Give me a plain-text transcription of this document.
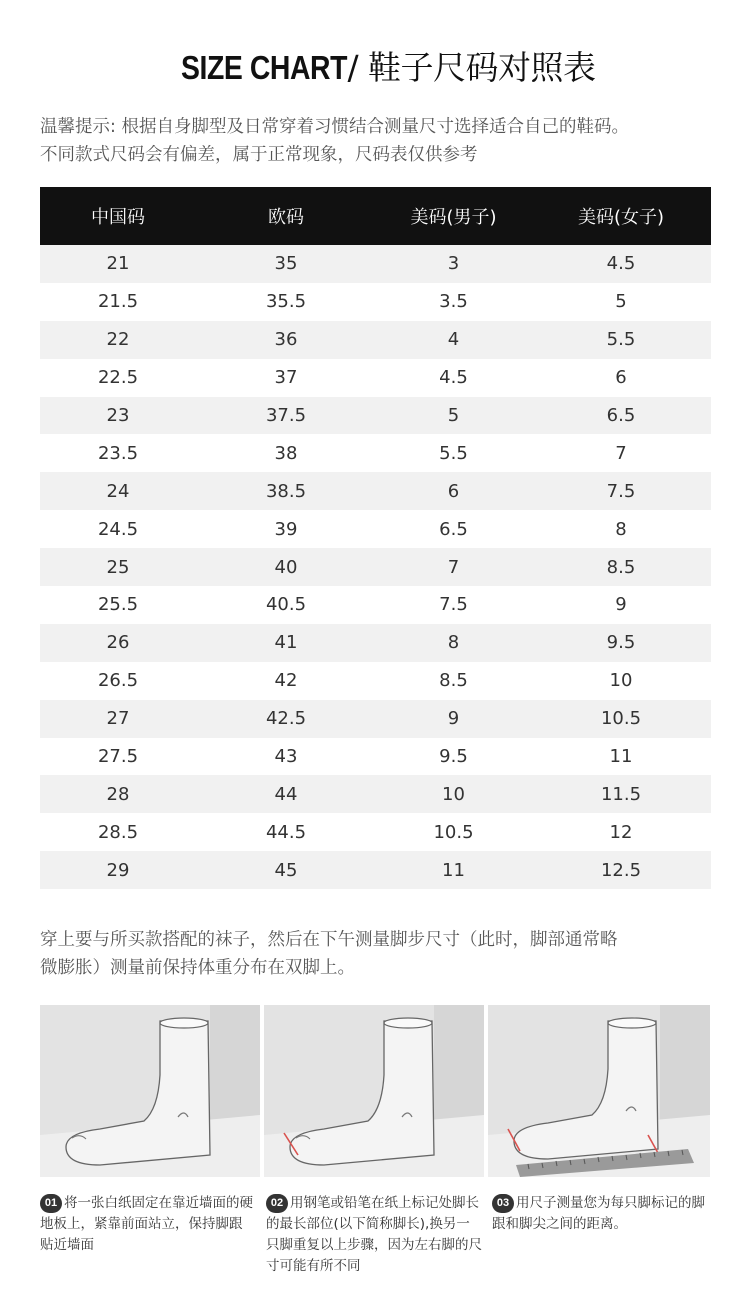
SIZE CHART/ 鞋子尺码对照表
温馨提示: 根据自身脚型及日常穿着习惯结合测量尺寸选择适合自己的鞋码。
不同款式尺码会有偏差，属于正常现象，尺码表仅供参考
中国码	欧码	美码(男子)	美码(女子)
21	35	3	4.5
21.5	35.5	3.5	5
22	36	4	5.5
22.5	37	4.5	6
23	37.5	5	6.5
23.5	38	5.5	7
24	38.5	6	7.5
24.5	39	6.5	8
25	40	7	8.5
25.5	40.5	7.5	9
26	41	8	9.5
26.5	42	8.5	10
27	42.5	9	10.5
27.5	43	9.5	11
28	44	10	11.5
28.5	44.5	10.5	12
29	45	11	12.5
穿上要与所买款搭配的袜子，然后在下午测量脚步尺寸（此时，脚部通常略
微膨胀）测量前保持体重分布在双脚上。
01 将一张白纸固定在靠近墙面的硬地板上，紧靠前面站立，保持脚跟贴近墙面
02 用钢笔或铅笔在纸上标记处脚长的最长部位(以下简称脚长),换另一只脚重复以上步骤，因为左右脚的尺寸可能有所不同
03 用尺子测量您为每只脚标记的脚跟和脚尖之间的距离。
